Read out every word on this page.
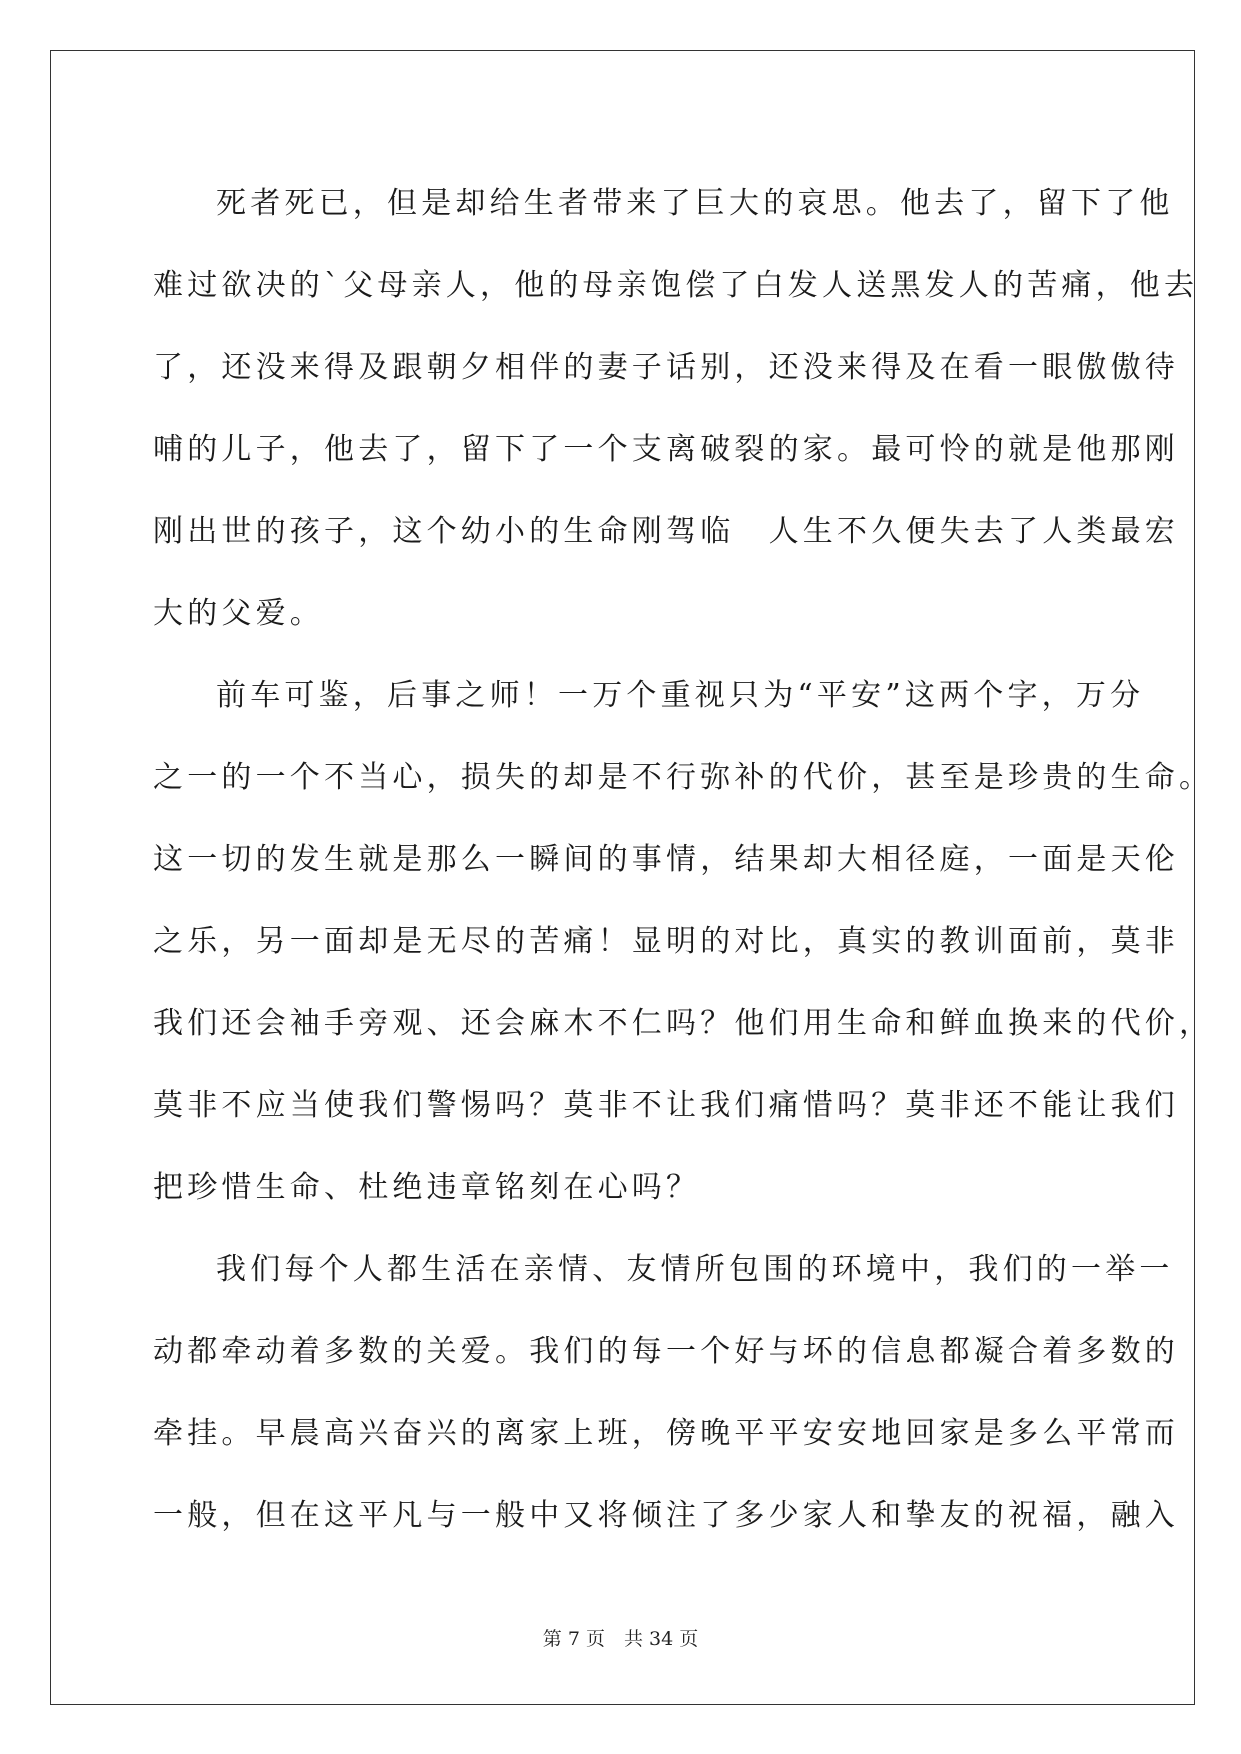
死者死已，但是却给生者带来了巨大的哀思。他去了，留下了他
难过欲决的`父母亲人，他的母亲饱偿了白发人送黑发人的苦痛，他去
了，还没来得及跟朝夕相伴的妻子话别，还没来得及在看一眼傲傲待
哺的儿子，他去了，留下了一个支离破裂的家。最可怜的就是他那刚
刚出世的孩子，这个幼小的生命刚驾临　人生不久便失去了人类最宏
大的父爱。

前车可鉴，后事之师！一万个重视只为“平安”这两个字，万分
之一的一个不当心，损失的却是不行弥补的代价，甚至是珍贵的生命。
这一切的发生就是那么一瞬间的事情，结果却大相径庭，一面是天伦
之乐，另一面却是无尽的苦痛！显明的对比，真实的教训面前，莫非
我们还会袖手旁观、还会麻木不仁吗？他们用生命和鲜血换来的代价，
莫非不应当使我们警惕吗？莫非不让我们痛惜吗？莫非还不能让我们
把珍惜生命、杜绝违章铭刻在心吗？

我们每个人都生活在亲情、友情所包围的环境中，我们的一举一
动都牵动着多数的关爱。我们的每一个好与坏的信息都凝合着多数的
牵挂。早晨高兴奋兴的离家上班，傍晚平平安安地回家是多么平常而
一般，但在这平凡与一般中又将倾注了多少家人和挚友的祝福，融入

第 7 页　共 34 页
